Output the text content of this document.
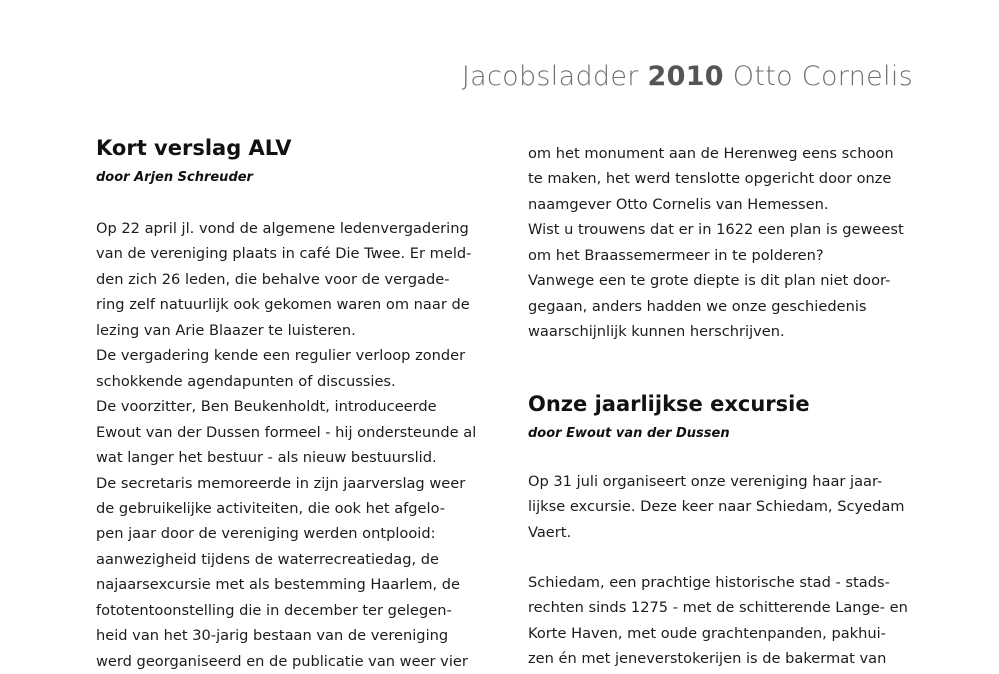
Jacobsladder 2010 Otto Cornelis
Kort verslag ALV
door Arjen Schreuder
Op 22 april jl. vond de algemene ledenvergadering
van de vereniging plaats in café Die Twee. Er meld-
den zich 26 leden, die behalve voor de vergade-
ring zelf natuurlijk ook gekomen waren om naar de
lezing van Arie Blaazer te luisteren.
De vergadering kende een regulier verloop zonder
schokkende agendapunten of discussies.
De voorzitter, Ben Beukenholdt, introduceerde
Ewout van der Dussen formeel - hij ondersteunde al
wat langer het bestuur - als nieuw bestuurslid.
De secretaris memoreerde in zijn jaarverslag weer
de gebruikelijke activiteiten, die ook het afgelo-
pen jaar door de vereniging werden ontplooid:
aanwezigheid tijdens de waterrecreatiedag, de
najaarsexcursie met als bestemming Haarlem, de
fototentoonstelling die in december ter gelegen-
heid van het 30-jarig bestaan van de vereniging
werd georganiseerd en de publicatie van weer vier
om het monument aan de Herenweg eens schoon
te maken, het werd tenslotte opgericht door onze
naamgever Otto Cornelis van Hemessen.
Wist u trouwens dat er in 1622 een plan is geweest
om het Braassemermeer in te polderen?
Vanwege een te grote diepte is dit plan niet door-
gegaan, anders hadden we onze geschiedenis
waarschijnlijk kunnen herschrijven.
Onze jaarlijkse excursie
door Ewout van der Dussen
Op 31 juli organiseert onze vereniging haar jaar-
lijkse excursie. Deze keer naar Schiedam, Scyedam
Vaert.
Schiedam, een prachtige historische stad - stads-
rechten sinds 1275 - met de schitterende Lange- en
Korte Haven, met oude grachtenpanden, pakhui-
zen én met jeneverstokerijen is de bakermat van
